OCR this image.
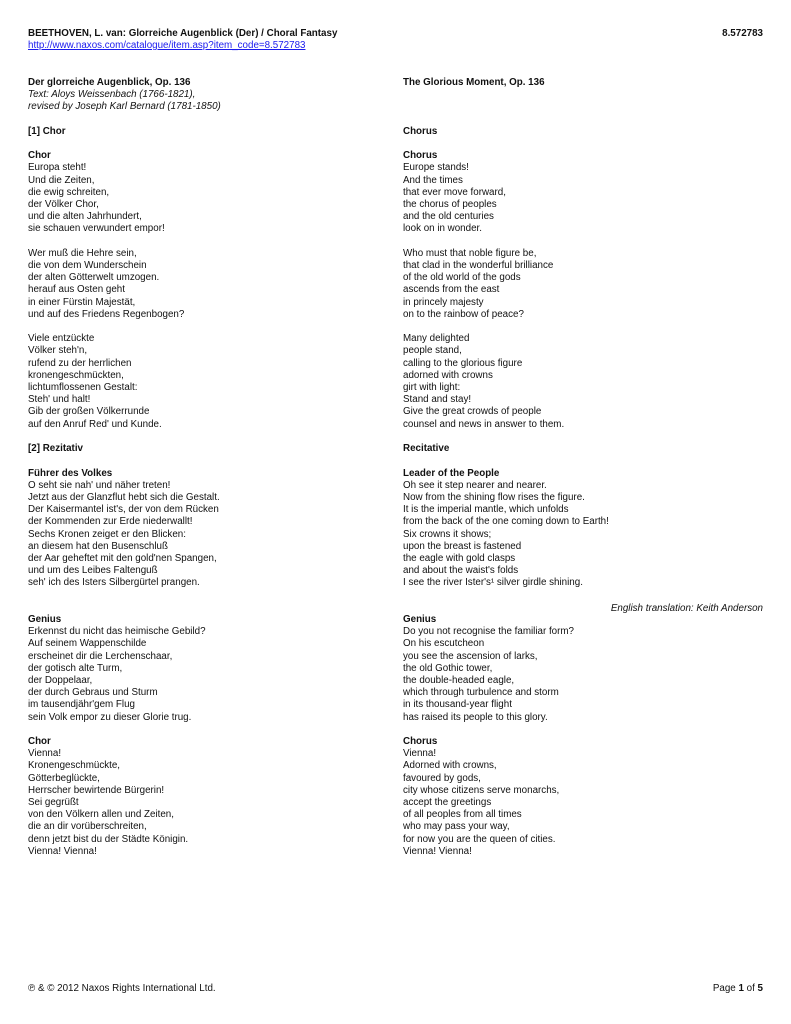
BEETHOVEN, L. van: Glorreiche Augenblick (Der) / Choral Fantasy	8.572783
http://www.naxos.com/catalogue/item.asp?item_code=8.572783
Der glorreiche Augenblick, Op. 136
Text: Aloys Weissenbach (1766-1821),
revised by Joseph Karl Bernard (1781-1850)

[1] Chor

Chor
Europa steht!
Und die Zeiten,
die ewig schreiten,
der Völker Chor,
und die alten Jahrhundert,
sie schauen verwundert empor!

Wer muß die Hehre sein,
die von dem Wunderschein
der alten Götterwelt umzogen.
herauf aus Osten geht
in einer Fürstin Majestät,
und auf des Friedens Regenbogen?

Viele entzückte
Völker steh'n,
rufend zu der herrlichen
kronengeschmückten,
lichtumflossenen Gestalt:
Steh' und halt!
Gib der großen Völkerrunde
auf den Anruf Red' und Kunde.

[2] Rezitativ

Führer des Volkes
O seht sie nah' und näher treten!
Jetzt aus der Glanzflut hebt sich die Gestalt.
Der Kaisermantel ist's, der von dem Rücken
der Kommenden zur Erde niederwallt!
Sechs Kronen zeiget er den Blicken:
an diesem hat den Busenschluß
der Aar geheftet mit den gold'nen Spangen,
und um des Leibes Faltenguß
seh' ich des Isters Silbergürtel prangen.

Genius
Erkennst du nicht das heimische Gebild?
Auf seinem Wappenschilde
erscheinet dir die Lerchenschaar,
der gotisch alte Turm,
der Doppelaar,
der durch Gebraus und Sturm
im tausendjähr'gem Flug
sein Volk empor zu dieser Glorie trug.

Chor
Vienna!
Kronengeschmückte,
Götterbeglückte,
Herrscher bewirtende Bürgerin!
Sei gegrüßt
von den Völkern allen und Zeiten,
die an dir vorüberschreiten,
denn jetzt bist du der Städte Königin.
Vienna! Vienna!
The Glorious Moment, Op. 136

Chorus

Chorus
Europe stands!
And the times
that ever move forward,
the chorus of peoples
and the old centuries
look on in wonder.

Who must that noble figure be,
that clad in the wonderful brilliance
of the old world of the gods
ascends from the east
in princely majesty
on to the rainbow of peace?

Many delighted
people stand,
calling to the glorious figure
adorned with crowns
girt with light:
Stand and stay!
Give the great crowds of people
counsel and news in answer to them.

Recitative

Leader of the People
Oh see it step nearer and nearer.
Now from the shining flow rises the figure.
It is the imperial mantle, which unfolds
from the back of the one coming down to Earth!
Six crowns it shows;
upon the breast is fastened
the eagle with gold clasps
and about the waist's folds
I see the river Ister's¹ silver girdle shining.

Genius
Do you not recognise the familiar form?
On his escutcheon
you see the ascension of larks,
the old Gothic tower,
the double-headed eagle,
which through turbulence and storm
in its thousand-year flight
has raised its people to this glory.

Chorus
Vienna!
Adorned with crowns,
favoured by gods,
city whose citizens serve monarchs,
accept the greetings
of all peoples from all times
who may pass your way,
for now you are the queen of cities.
Vienna! Vienna!
English translation: Keith Anderson
℗ & © 2012 Naxos Rights International Ltd.	Page 1 of 5
